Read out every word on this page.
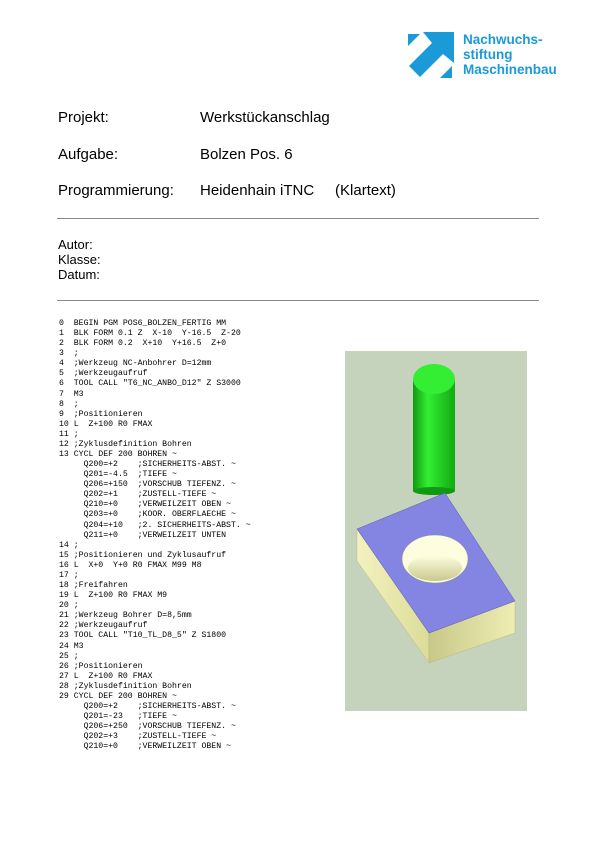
Nachwuchs-
stiftung
Maschinenbau
Projekt:	Werkstückanschlag
Aufgabe:	Bolzen Pos. 6
Programmierung: Heidenhain iTNC     (Klartext)
Autor:
Klasse:
Datum:
0  BEGIN PGM POS6_BOLZEN_FERTIG MM
1  BLK FORM 0.1 Z  X-10  Y-16.5  Z-20
2  BLK FORM 0.2  X+10  Y+16.5  Z+0
3  ;
4  ;Werkzeug NC-Anbohrer D=12mm
5  ;Werkzeugaufruf
6  TOOL CALL "T6_NC_ANBO_D12" Z S3000
7  M3
8  ;
9  ;Positionieren
10 L  Z+100 R0 FMAX
11 ;
12 ;Zyklusdefinition Bohren
13 CYCL DEF 200 BOHREN ~
Q200=+2    ;SICHERHEITS-ABST. ~
Q201=-4.5  ;TIEFE ~
Q206=+150  ;VORSCHUB TIEFENZ. ~
Q202=+1    ;ZUSTELL-TIEFE ~
Q210=+0    ;VERWEILZEIT OBEN ~
Q203=+0    ;KOOR. OBERFLAECHE ~
Q204=+10   ;2. SICHERHEITS-ABST. ~
Q211=+0    ;VERWEILZEIT UNTEN
14 ;
15 ;Positionieren und Zyklusaufruf
16 L  X+0  Y+0 R0 FMAX M99 M8
17 ;
18 ;Freifahren
19 L  Z+100 R0 FMAX M9
20 ;
21 ;Werkzeug Bohrer D=8,5mm
22 ;Werkzeugaufruf
23 TOOL CALL "T10_TL_D8_5" Z S1800
24 M3
25 ;
26 ;Positionieren
27 L  Z+100 R0 FMAX
28 ;Zyklusdefinition Bohren
29 CYCL DEF 200 BOHREN ~
Q200=+2    ;SICHERHEITS-ABST. ~
Q201=-23   ;TIEFE ~
Q206=+250  ;VORSCHUB TIEFENZ. ~
Q202=+3    ;ZUSTELL-TIEFE ~
Q210=+0    ;VERWEILZEIT OBEN ~
